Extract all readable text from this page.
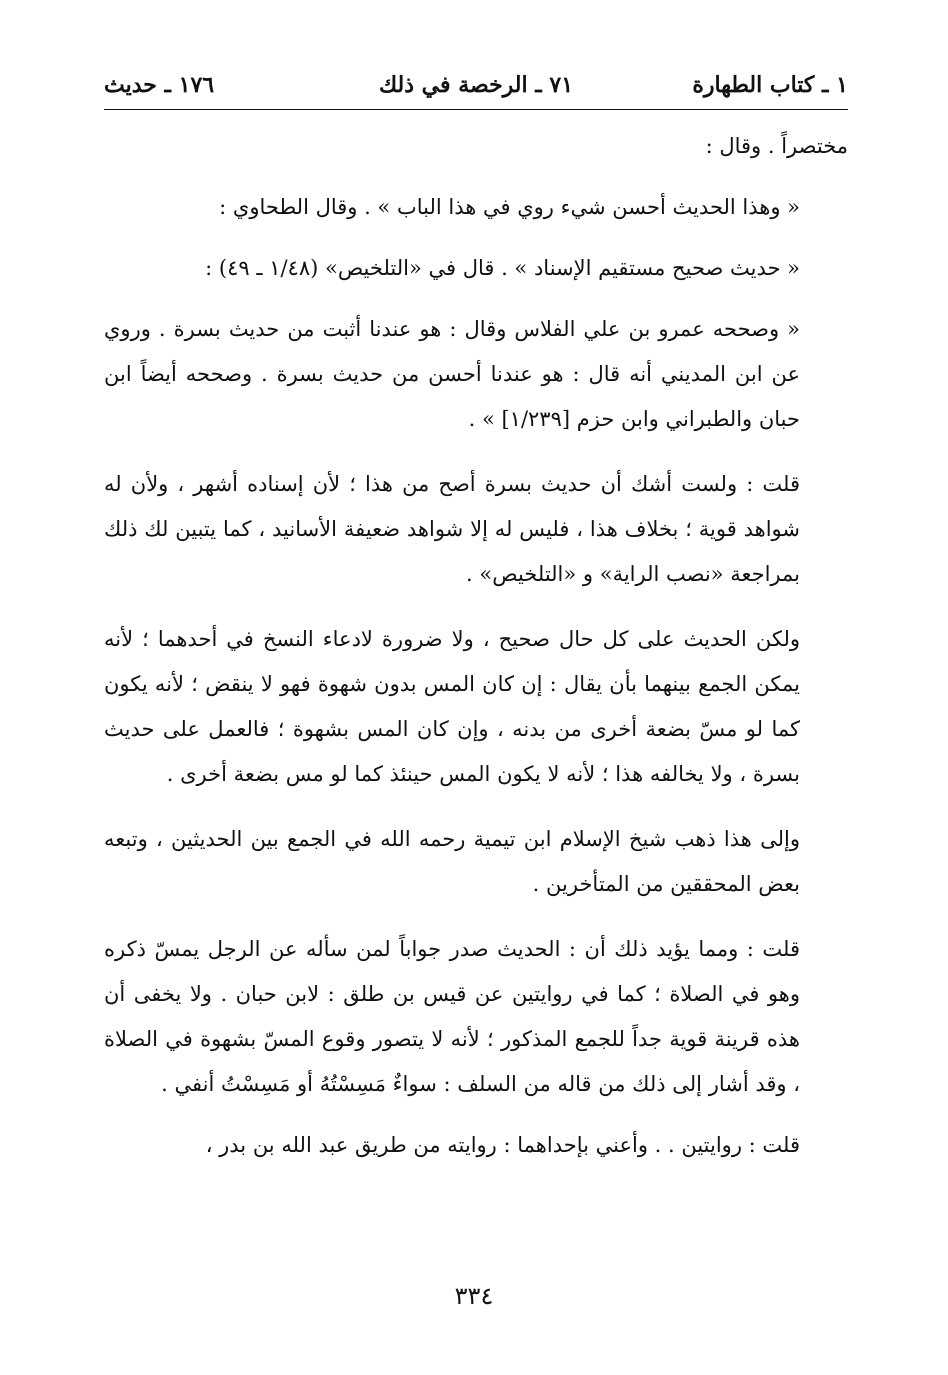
١ ـ كتاب الطهارة
٧١ ـ الرخصة في ذلك
١٧٦ ـ حديث

مختصراً . وقال :

« وهذا الحديث أحسن شيء روي في هذا الباب » . وقال الطحاوي :

« حديث صحيح مستقيم الإسناد » . قال في «التلخيص» (١/٤٨ ـ ٤٩) :

« وصححه عمرو بن علي الفلاس وقال : هو عندنا أثبت من حديث بسرة . وروي عن ابن المديني أنه قال : هو عندنا أحسن من حديث بسرة . وصححه أيضاً ابن حبان والطبراني وابن حزم [١/٢٣٩] » .

قلت : ولست أشك أن حديث بسرة أصح من هذا ؛ لأن إسناده أشهر ، ولأن له شواهد قوية ؛ بخلاف هذا ، فليس له إلا شواهد ضعيفة الأسانيد ، كما يتبين لك ذلك بمراجعة «نصب الراية» و «التلخيص» .

ولكن الحديث على كل حال صحيح ، ولا ضرورة لادعاء النسخ في أحدهما ؛ لأنه يمكن الجمع بينهما بأن يقال : إن كان المس بدون شهوة فهو لا ينقض ؛ لأنه يكون كما لو مسّ بضعة أخرى من بدنه ، وإن كان المس بشهوة ؛ فالعمل على حديث بسرة ، ولا يخالفه هذا ؛ لأنه لا يكون المس حينئذ كما لو مس بضعة أخرى .

وإلى هذا ذهب شيخ الإسلام ابن تيمية رحمه الله في الجمع بين الحديثين ، وتبعه بعض المحققين من المتأخرين .

قلت : ومما يؤيد ذلك أن : الحديث صدر جواباً لمن سأله عن الرجل يمسّ ذكره وهو في الصلاة ؛ كما في روايتين عن قيس بن طلق : لابن حبان . ولا يخفى أن هذه قرينة قوية جداً للجمع المذكور ؛ لأنه لا يتصور وقوع المسّ بشهوة في الصلاة ، وقد أشار إلى ذلك من قاله من السلف : سواءٌ مَسِسْتُهُ أو مَسِسْتُ أنفي .

قلت : روايتين . . وأعني بإحداهما : روايته من طريق عبد الله بن بدر ،

٣٣٤
